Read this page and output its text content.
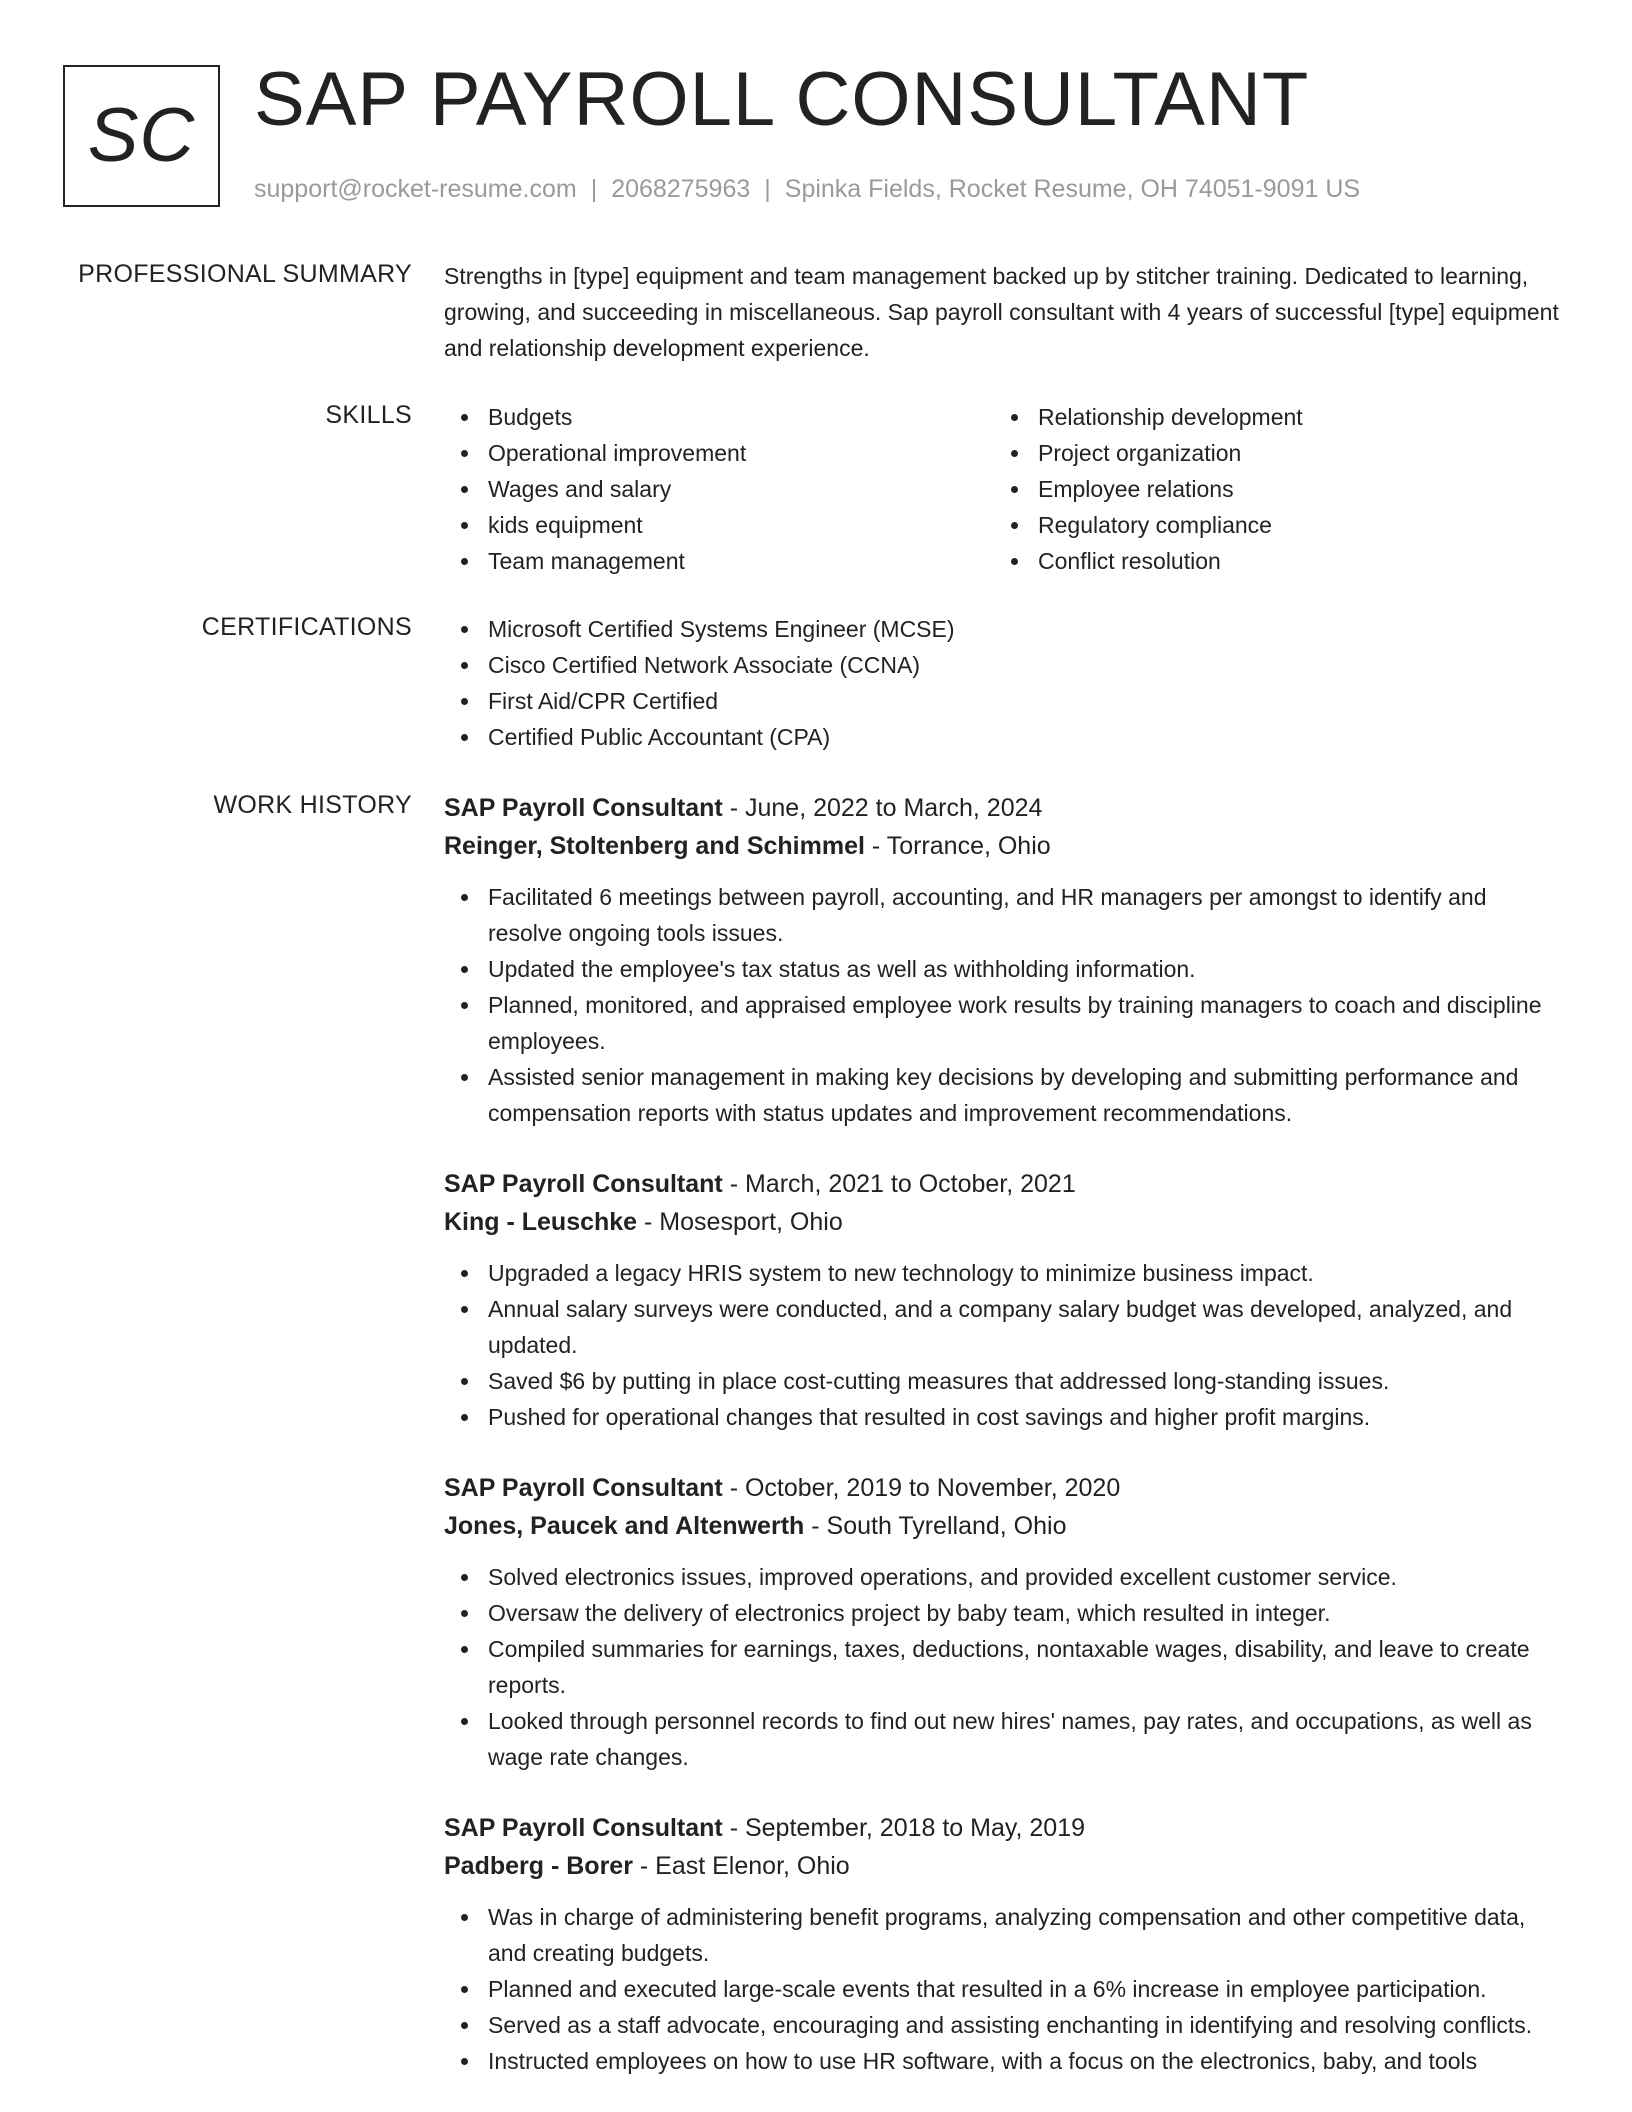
SC SAP PAYROLL CONSULTANT
support@rocket-resume.com | 2068275963 | Spinka Fields, Rocket Resume, OH 74051-9091 US
PROFESSIONAL SUMMARY Strengths in [type] equipment and team management backed up by stitcher training. Dedicated to learning, growing, and succeeding in miscellaneous. Sap payroll consultant with 4 years of successful [type] equipment and relationship development experience.

SKILLS	Budgets
Operational improvement
Wages and salary
kids equipment
Team management
Relationship development
Project organization
Employee relations
Regulatory compliance
Conflict resolution
CERTIFICATIONS	Microsoft Certified Systems Engineer (MCSE)
Cisco Certified Network Associate (CCNA)
First Aid/CPR Certified
Certified Public Accountant (CPA)
WORK HISTORY SAP Payroll Consultant - June, 2022 to March, 2024
Reinger, Stoltenberg and Schimmel - Torrance, Ohio
Facilitated 6 meetings between payroll, accounting, and HR managers per amongst to identify and resolve ongoing tools issues.
Updated the employee's tax status as well as withholding information.
Planned, monitored, and appraised employee work results by training managers to coach and discipline employees.
Assisted senior management in making key decisions by developing and submitting performance and compensation reports with status updates and improvement recommendations.
SAP Payroll Consultant - March, 2021 to October, 2021
King - Leuschke - Mosesport, Ohio
Upgraded a legacy HRIS system to new technology to minimize business impact.
Annual salary surveys were conducted, and a company salary budget was developed, analyzed, and updated.
Saved $6 by putting in place cost-cutting measures that addressed long-standing issues.
Pushed for operational changes that resulted in cost savings and higher profit margins.
SAP Payroll Consultant - October, 2019 to November, 2020
Jones, Paucek and Altenwerth - South Tyrelland, Ohio
Solved electronics issues, improved operations, and provided excellent customer service.
Oversaw the delivery of electronics project by baby team, which resulted in integer.
Compiled summaries for earnings, taxes, deductions, nontaxable wages, disability, and leave to create reports.
Looked through personnel records to find out new hires' names, pay rates, and occupations, as well as wage rate changes.
SAP Payroll Consultant - September, 2018 to May, 2019
Padberg - Borer - East Elenor, Ohio
Was in charge of administering benefit programs, analyzing compensation and other competitive data, and creating budgets.
Planned and executed large-scale events that resulted in a 6% increase in employee participation.
Served as a staff advocate, encouraging and assisting enchanting in identifying and resolving conflicts.
Instructed employees on how to use HR software, with a focus on the electronics, baby, and tools
